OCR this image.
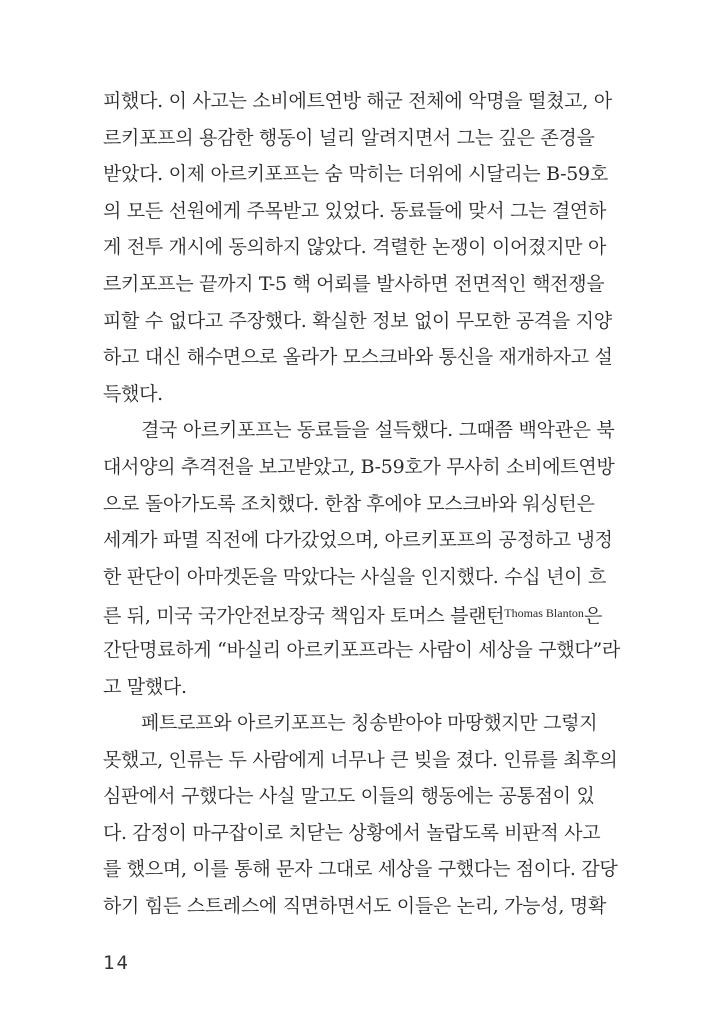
피했다. 이 사고는 소비에트연방 해군 전체에 악명을 떨쳤고, 아
르키포프의 용감한 행동이 널리 알려지면서 그는 깊은 존경을
받았다. 이제 아르키포프는 숨 막히는 더위에 시달리는 B-59호
의 모든 선원에게 주목받고 있었다. 동료들에 맞서 그는 결연하
게 전투 개시에 동의하지 않았다. 격렬한 논쟁이 이어졌지만 아
르키포프는 끝까지 T-5 핵 어뢰를 발사하면 전면적인 핵전쟁을
피할 수 없다고 주장했다. 확실한 정보 없이 무모한 공격을 지양
하고 대신 해수면으로 올라가 모스크바와 통신을 재개하자고 설
득했다.
결국 아르키포프는 동료들을 설득했다. 그때쯤 백악관은 북
대서양의 추격전을 보고받았고, B-59호가 무사히 소비에트연방
으로 돌아가도록 조치했다. 한참 후에야 모스크바와 워싱턴은
세계가 파멸 직전에 다가갔었으며, 아르키포프의 공정하고 냉정
한 판단이 아마겟돈을 막았다는 사실을 인지했다. 수십 년이 흐
른 뒤, 미국 국가안전보장국 책임자 토머스 블랜턴$^{Thomas Blanton}$은
간단명료하게 “바실리 아르키포프라는 사람이 세상을 구했다”라
고 말했다.
페트로프와 아르키포프는 칭송받아야 마땅했지만 그렇지
못했고, 인류는 두 사람에게 너무나 큰 빚을 졌다. 인류를 최후의
심판에서 구했다는 사실 말고도 이들의 행동에는 공통점이 있
다. 감정이 마구잡이로 치닫는 상황에서 놀랍도록 비판적 사고
를 했으며, 이를 통해 문자 그대로 세상을 구했다는 점이다. 감당
하기 힘든 스트레스에 직면하면서도 이들은 논리, 가능성, 명확
14
